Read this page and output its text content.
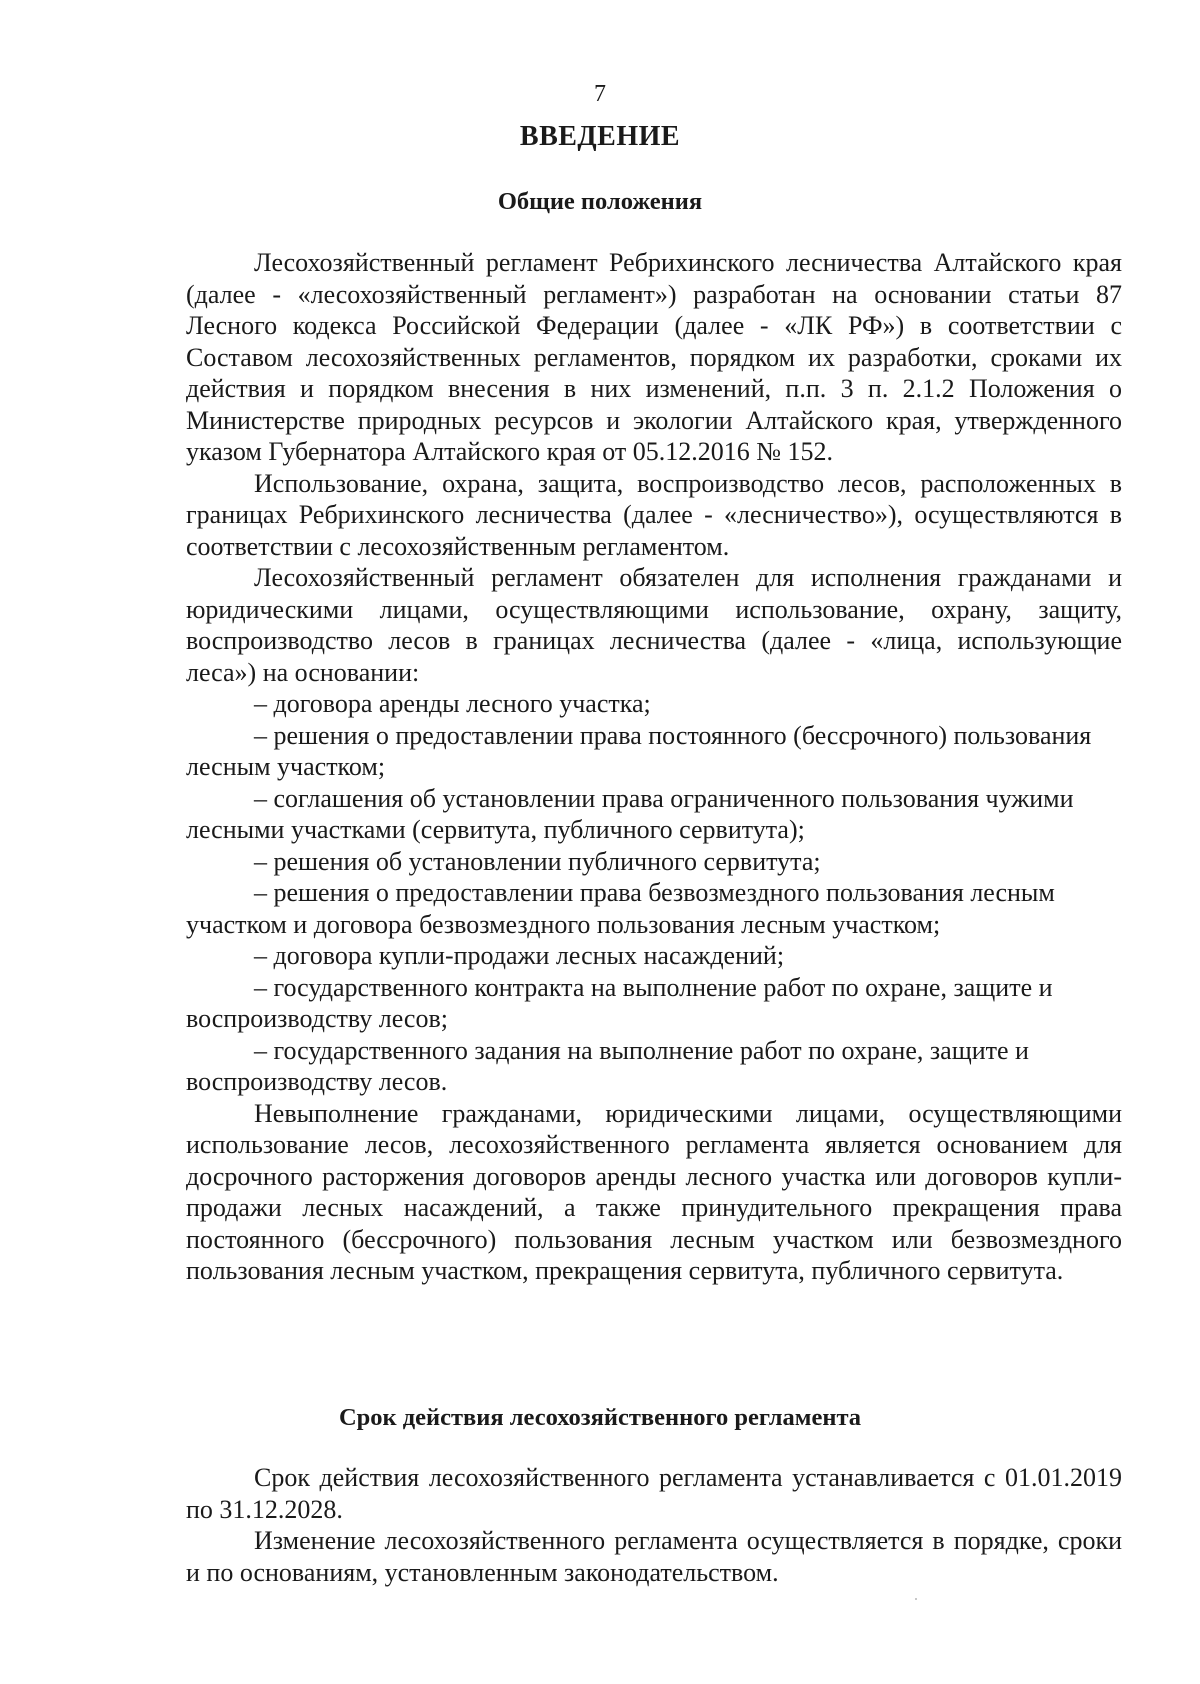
7
ВВЕДЕНИЕ
Общие положения

Лесохозяйственный регламент Ребрихинского лесничества Алтайского края (далее - «лесохозяйственный регламент») разработан на основании статьи 87 Лесного кодекса Российской Федерации (далее - «ЛК РФ») в соответствии с Составом лесохозяйственных регламентов, порядком их разработки, сроками их действия и порядком внесения в них изменений, п.п. 3 п. 2.1.2 Положения о Министерстве природных ресурсов и экологии Алтайского края, утвержденного указом Губернатора Алтайского края от 05.12.2016 № 152.

Использование, охрана, защита, воспроизводство лесов, расположенных в границах Ребрихинского лесничества (далее - «лесничество»), осуществляются в соответствии с лесохозяйственным регламентом.

Лесохозяйственный регламент обязателен для исполнения гражданами и юридическими лицами, осуществляющими использование, охрану, защиту, воспроизводство лесов в границах лесничества (далее - «лица, использующие леса») на основании:

– договора аренды лесного участка;

– решения о предоставлении права постоянного (бессрочного) пользования лесным участком;

– соглашения об установлении права ограниченного пользования чужими лесными участками (сервитута, публичного сервитута);

– решения об установлении публичного сервитута;

– решения о предоставлении права безвозмездного пользования лесным участком и договора безвозмездного пользования лесным участком;

– договора купли-продажи лесных насаждений;

– государственного контракта на выполнение работ по охране, защите и воспроизводству лесов;

– государственного задания на выполнение работ по охране, защите и воспроизводству лесов.

Невыполнение гражданами, юридическими лицами, осуществляющими использование лесов, лесохозяйственного регламента является основанием для досрочного расторжения договоров аренды лесного участка или договоров купли-продажи лесных насаждений, а также принудительного прекращения права постоянного (бессрочного) пользования лесным участком или безвозмездного пользования лесным участком, прекращения сервитута, публичного сервитута.

Срок действия лесохозяйственного регламента

Срок действия лесохозяйственного регламента устанавливается с 01.01.2019 по 31.12.2028.

Изменение лесохозяйственного регламента осуществляется в порядке, сроки и по основаниям, установленным законодательством.
